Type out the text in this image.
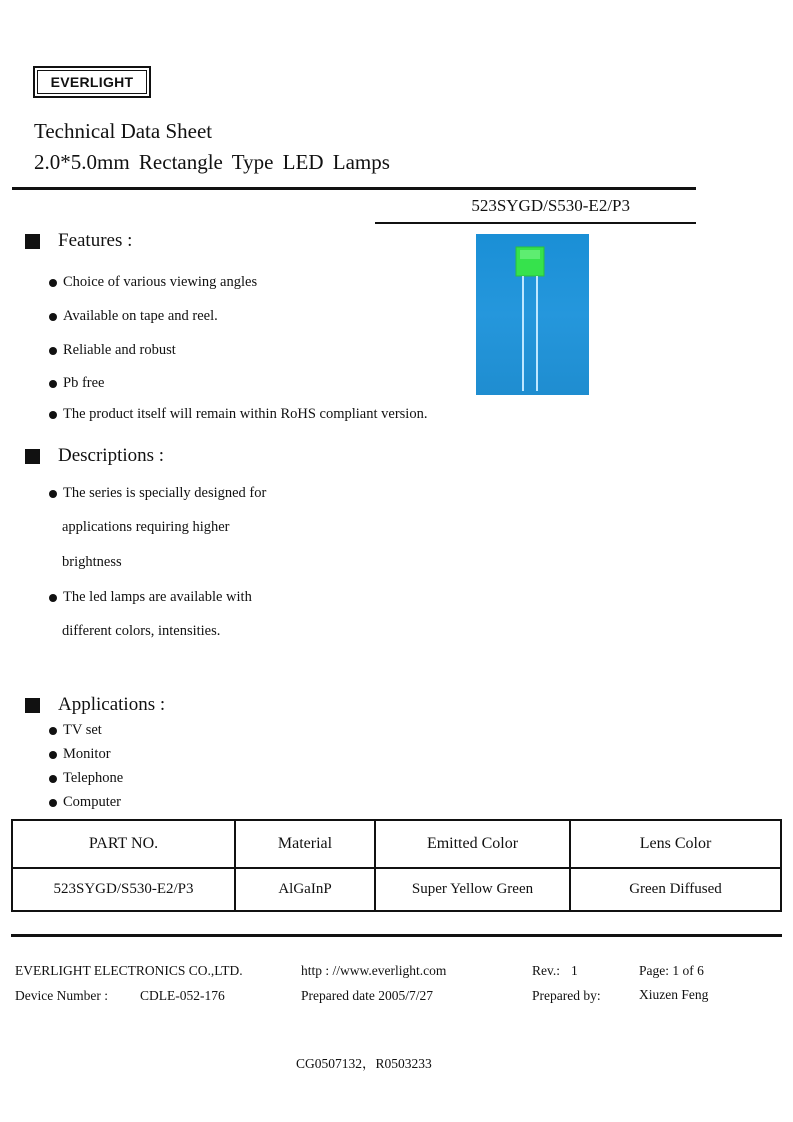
EVERLIGHT
Technical Data Sheet
2.0*5.0mm Rectangle Type LED Lamps
523SYGD/S530-E2/P3
Features :
Choice of various viewing angles
Available on tape and reel.
Reliable and robust
Pb free
The product itself will remain within RoHS compliant version.
Descriptions :
The series is specially designed for
applications requiring higher
brightness
The led lamps are available with
different colors, intensities.
Applications :
TV set
Monitor
Telephone
Computer
PART NO.	Material	Emitted Color	Lens Color
523SYGD/S530-E2/P3	AlGaInP	Super Yellow Green	Green Diffused
EVERLIGHT ELECTRONICS CO.,LTD.	http : //www.everlight.com	Rev.: 1	Page: 1 of 6
Device Number : CDLE-052-176	Prepared date 2005/7/27	Prepared by:	Xiuzen Feng
CG0507132，R0503233
